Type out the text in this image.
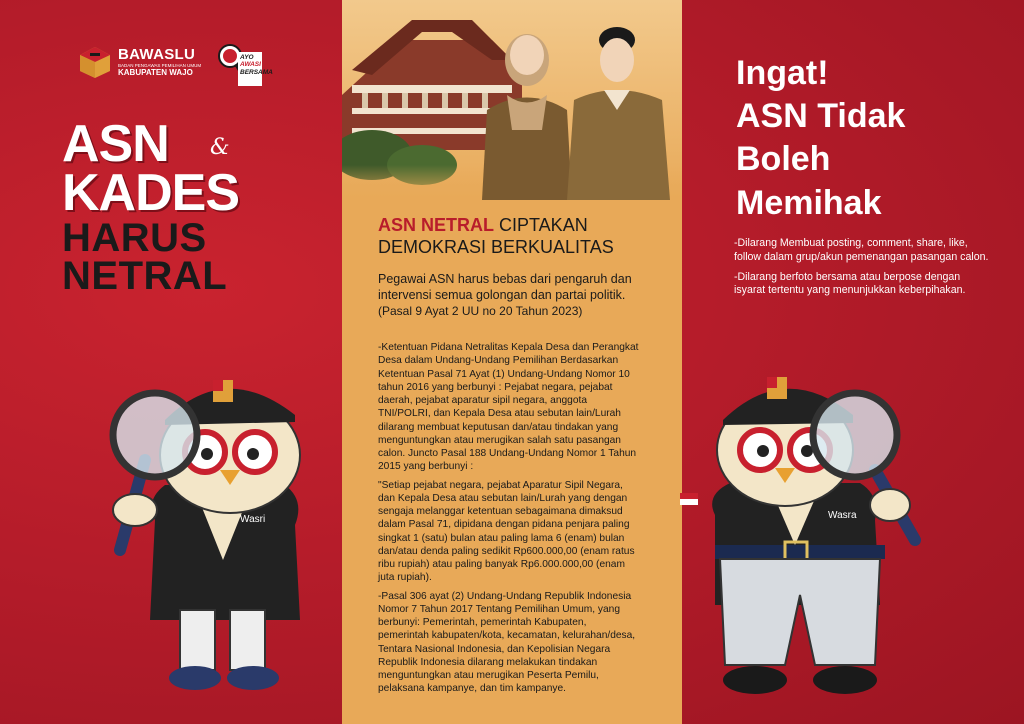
BAWASLU
BADAN PENGAWAS PEMILIHAN UMUM
KABUPATEN WAJO
AYO
AWASI
BERSAMA
ASN	&
KADES
HARUS
NETRAL
ASN NETRAL CIPTAKAN DEMOKRASI BERKUALITAS
Pegawai ASN harus bebas dari pengaruh dan intervensi semua golongan dan partai politik.
(Pasal 9 Ayat 2 UU no 20 Tahun 2023)

-Ketentuan Pidana Netralitas Kepala Desa dan Perangkat Desa dalam Undang-Undang Pemilihan Berdasarkan Ketentuan Pasal 71 Ayat (1) Undang-Undang Nomor 10 tahun 2016 yang berbunyi : Pejabat negara, pejabat daerah, pejabat aparatur sipil negara, anggota TNI/POLRI, dan Kepala Desa atau sebutan lain/Lurah dilarang membuat keputusan dan/atau tindakan yang menguntungkan atau merugikan salah satu pasangan calon. Juncto Pasal 188 Undang-Undang Nomor 1 Tahun 2015 yang berbunyi :

"Setiap pejabat negara, pejabat Aparatur Sipil Negara, dan Kepala Desa atau sebutan lain/Lurah yang dengan sengaja melanggar ketentuan sebagaimana dimaksud dalam Pasal 71, dipidana dengan pidana penjara paling singkat 1 (satu) bulan atau paling lama 6 (enam) bulan dan/atau denda paling sedikit Rp600.000,00 (enam ratus ribu rupiah) atau paling banyak Rp6.000.000,00 (enam juta rupiah).

-Pasal 306 ayat (2) Undang-Undang Republik Indonesia Nomor 7 Tahun 2017 Tentang Pemilihan Umum, yang berbunyi: Pemerintah, pemerintah Kabupaten, pemerintah kabupaten/kota, kecamatan, kelurahan/desa, Tentara Nasional Indonesia, dan Kepolisian Negara Republik Indonesia dilarang melakukan tindakan menguntungkan atau merugikan Peserta Pemilu, pelaksana kampanye, dan tim kampanye.

Ingat!
ASN Tidak
Boleh
Memihak

-Dilarang Membuat posting, comment, share, like, follow dalam grup/akun pemenangan pasangan calon.

-Dilarang berfoto bersama atau berpose dengan isyarat tertentu yang menunjukkan keberpihakan.

Wasri	Wasra
